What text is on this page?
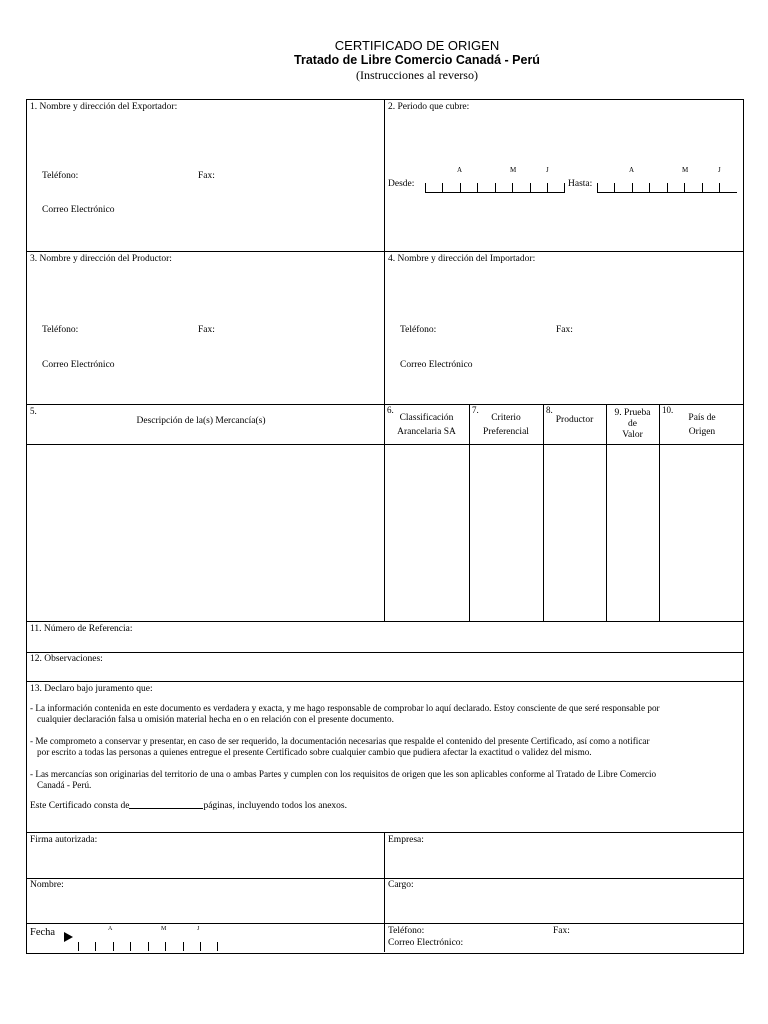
CERTIFICADO DE ORIGEN
Tratado de Libre Comercio Canadá - Perú
(Instrucciones al reverso)
1. Nombre y dirección del Exportador:
Teléfono:	Fax:
Correo Electrónico
2. Periodo que cubre:
Desde:
A	M	J
Hasta:
A	M	J
3. Nombre y dirección del Productor:
Teléfono:	Fax:
Correo Electrónico
4. Nombre y dirección del Importador:
Teléfono:	Fax:
Correo Electrónico
5.
Descripción de la(s) Mercancía(s)
6.
Classificación
Arancelaria SA
7.
Criterio
Preferencial
8.
Productor
9. Prueba
de
Valor
10.
País de
Origen
11. Número de Referencia:
12. Observaciones:
13. Declaro bajo juramento que:
- La información contenida en este documento es verdadera y exacta, y me hago responsable de comprobar lo aquí declarado. Estoy consciente de que seré responsable por
cualquier declaración falsa u omisión material hecha en o en relación con el presente documento.
- Me comprometo a conservar y presentar, en caso de ser requerido, la documentación necesarias que respalde el contenido del presente Certificado, así como a notificar
por escrito a todas las personas a quienes entregue el presente Certificado sobre cualquier cambio que pudiera afectar la exactitud o validez del mismo.
- Las mercancías son originarias del territorio de una o ambas Partes y cumplen con los requisitos de origen que les son aplicables conforme al Tratado de Libre Comercio
Canadá - Perú.
Este Certificado consta de	páginas, incluyendo todos los anexos.
Firma autorizada:	Empresa:
Nombre:	Cargo:
Fecha	A	M	J	Teléfono:	Fax:
Correo Electrónico:
